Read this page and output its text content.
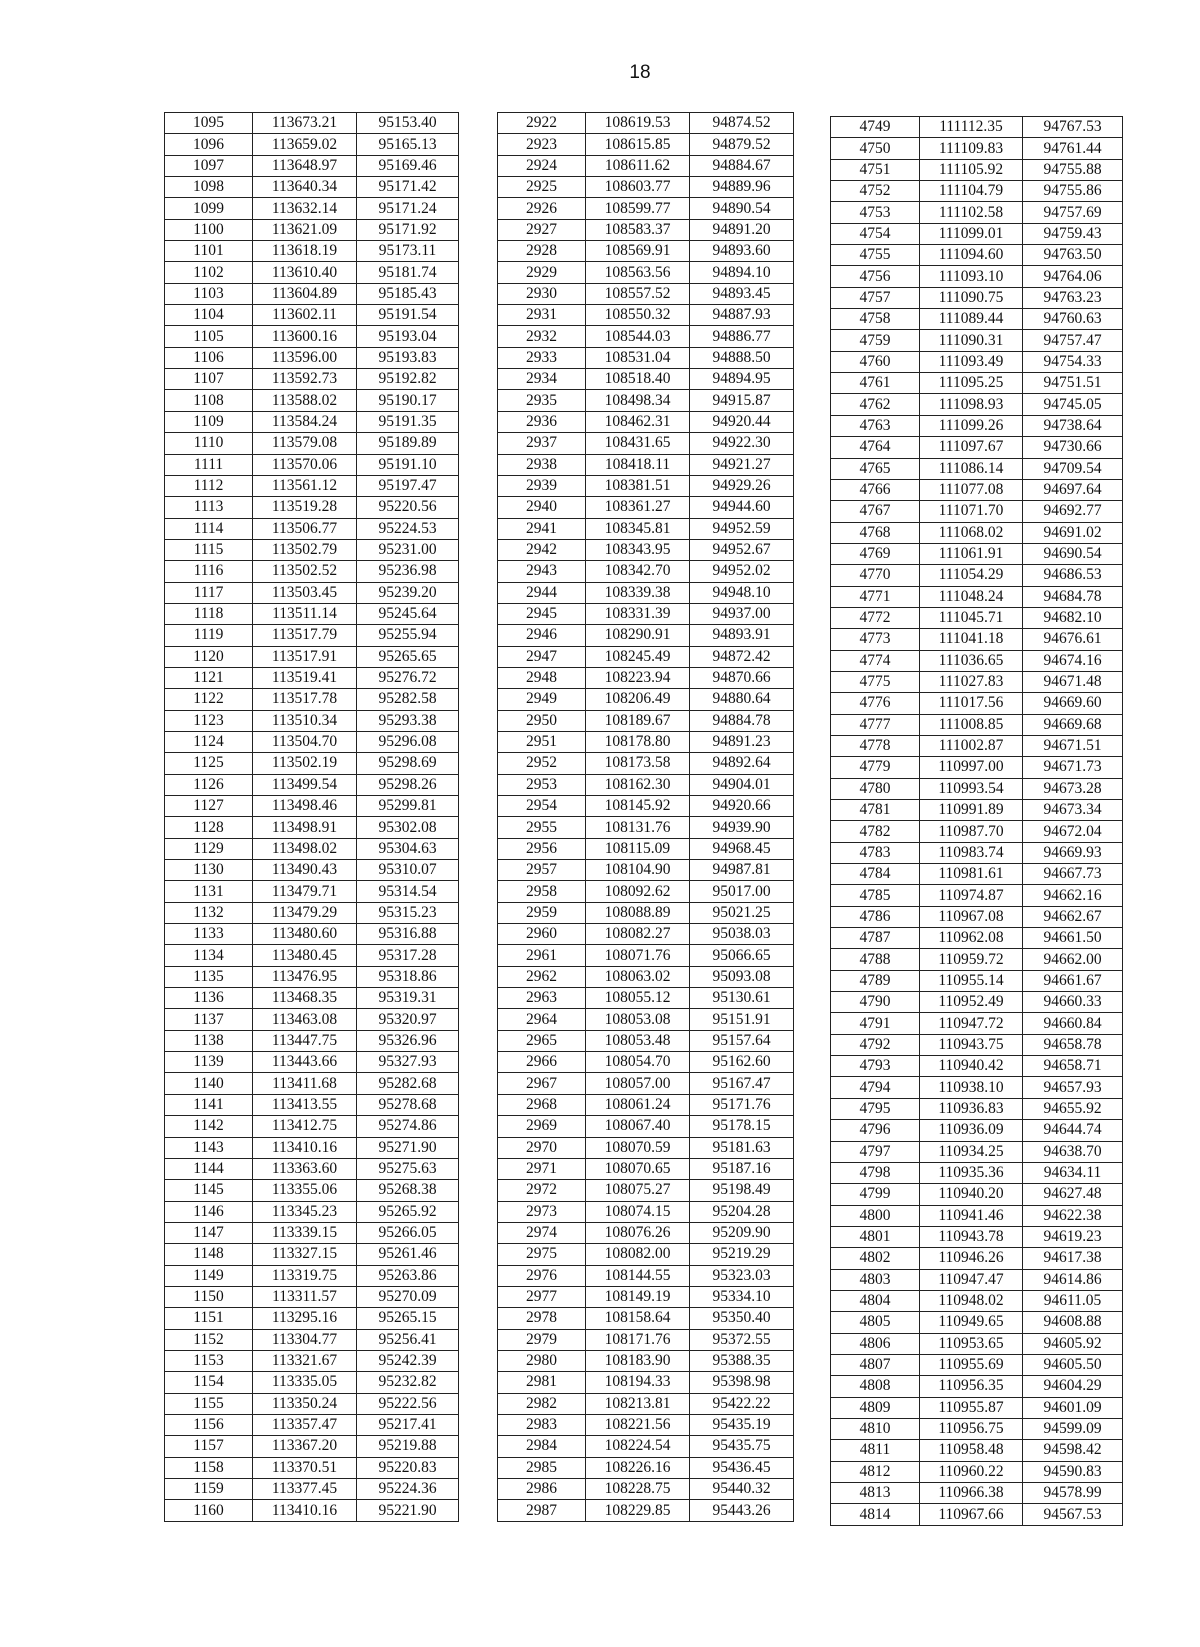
18
1095	113673.21	95153.40
1096	113659.02	95165.13
1097	113648.97	95169.46
1098	113640.34	95171.42
1099	113632.14	95171.24
1100	113621.09	95171.92
1101	113618.19	95173.11
1102	113610.40	95181.74
1103	113604.89	95185.43
1104	113602.11	95191.54
1105	113600.16	95193.04
1106	113596.00	95193.83
1107	113592.73	95192.82
1108	113588.02	95190.17
1109	113584.24	95191.35
1110	113579.08	95189.89
1111	113570.06	95191.10
1112	113561.12	95197.47
1113	113519.28	95220.56
1114	113506.77	95224.53
1115	113502.79	95231.00
1116	113502.52	95236.98
1117	113503.45	95239.20
1118	113511.14	95245.64
1119	113517.79	95255.94
1120	113517.91	95265.65
1121	113519.41	95276.72
1122	113517.78	95282.58
1123	113510.34	95293.38
1124	113504.70	95296.08
1125	113502.19	95298.69
1126	113499.54	95298.26
1127	113498.46	95299.81
1128	113498.91	95302.08
1129	113498.02	95304.63
1130	113490.43	95310.07
1131	113479.71	95314.54
1132	113479.29	95315.23
1133	113480.60	95316.88
1134	113480.45	95317.28
1135	113476.95	95318.86
1136	113468.35	95319.31
1137	113463.08	95320.97
1138	113447.75	95326.96
1139	113443.66	95327.93
1140	113411.68	95282.68
1141	113413.55	95278.68
1142	113412.75	95274.86
1143	113410.16	95271.90
1144	113363.60	95275.63
1145	113355.06	95268.38
1146	113345.23	95265.92
1147	113339.15	95266.05
1148	113327.15	95261.46
1149	113319.75	95263.86
1150	113311.57	95270.09
1151	113295.16	95265.15
1152	113304.77	95256.41
1153	113321.67	95242.39
1154	113335.05	95232.82
1155	113350.24	95222.56
1156	113357.47	95217.41
1157	113367.20	95219.88
1158	113370.51	95220.83
1159	113377.45	95224.36
1160	113410.16	95221.90
2922	108619.53	94874.52
2923	108615.85	94879.52
2924	108611.62	94884.67
2925	108603.77	94889.96
2926	108599.77	94890.54
2927	108583.37	94891.20
2928	108569.91	94893.60
2929	108563.56	94894.10
2930	108557.52	94893.45
2931	108550.32	94887.93
2932	108544.03	94886.77
2933	108531.04	94888.50
2934	108518.40	94894.95
2935	108498.34	94915.87
2936	108462.31	94920.44
2937	108431.65	94922.30
2938	108418.11	94921.27
2939	108381.51	94929.26
2940	108361.27	94944.60
2941	108345.81	94952.59
2942	108343.95	94952.67
2943	108342.70	94952.02
2944	108339.38	94948.10
2945	108331.39	94937.00
2946	108290.91	94893.91
2947	108245.49	94872.42
2948	108223.94	94870.66
2949	108206.49	94880.64
2950	108189.67	94884.78
2951	108178.80	94891.23
2952	108173.58	94892.64
2953	108162.30	94904.01
2954	108145.92	94920.66
2955	108131.76	94939.90
2956	108115.09	94968.45
2957	108104.90	94987.81
2958	108092.62	95017.00
2959	108088.89	95021.25
2960	108082.27	95038.03
2961	108071.76	95066.65
2962	108063.02	95093.08
2963	108055.12	95130.61
2964	108053.08	95151.91
2965	108053.48	95157.64
2966	108054.70	95162.60
2967	108057.00	95167.47
2968	108061.24	95171.76
2969	108067.40	95178.15
2970	108070.59	95181.63
2971	108070.65	95187.16
2972	108075.27	95198.49
2973	108074.15	95204.28
2974	108076.26	95209.90
2975	108082.00	95219.29
2976	108144.55	95323.03
2977	108149.19	95334.10
2978	108158.64	95350.40
2979	108171.76	95372.55
2980	108183.90	95388.35
2981	108194.33	95398.98
2982	108213.81	95422.22
2983	108221.56	95435.19
2984	108224.54	95435.75
2985	108226.16	95436.45
2986	108228.75	95440.32
2987	108229.85	95443.26
4749	111112.35	94767.53
4750	111109.83	94761.44
4751	111105.92	94755.88
4752	111104.79	94755.86
4753	111102.58	94757.69
4754	111099.01	94759.43
4755	111094.60	94763.50
4756	111093.10	94764.06
4757	111090.75	94763.23
4758	111089.44	94760.63
4759	111090.31	94757.47
4760	111093.49	94754.33
4761	111095.25	94751.51
4762	111098.93	94745.05
4763	111099.26	94738.64
4764	111097.67	94730.66
4765	111086.14	94709.54
4766	111077.08	94697.64
4767	111071.70	94692.77
4768	111068.02	94691.02
4769	111061.91	94690.54
4770	111054.29	94686.53
4771	111048.24	94684.78
4772	111045.71	94682.10
4773	111041.18	94676.61
4774	111036.65	94674.16
4775	111027.83	94671.48
4776	111017.56	94669.60
4777	111008.85	94669.68
4778	111002.87	94671.51
4779	110997.00	94671.73
4780	110993.54	94673.28
4781	110991.89	94673.34
4782	110987.70	94672.04
4783	110983.74	94669.93
4784	110981.61	94667.73
4785	110974.87	94662.16
4786	110967.08	94662.67
4787	110962.08	94661.50
4788	110959.72	94662.00
4789	110955.14	94661.67
4790	110952.49	94660.33
4791	110947.72	94660.84
4792	110943.75	94658.78
4793	110940.42	94658.71
4794	110938.10	94657.93
4795	110936.83	94655.92
4796	110936.09	94644.74
4797	110934.25	94638.70
4798	110935.36	94634.11
4799	110940.20	94627.48
4800	110941.46	94622.38
4801	110943.78	94619.23
4802	110946.26	94617.38
4803	110947.47	94614.86
4804	110948.02	94611.05
4805	110949.65	94608.88
4806	110953.65	94605.92
4807	110955.69	94605.50
4808	110956.35	94604.29
4809	110955.87	94601.09
4810	110956.75	94599.09
4811	110958.48	94598.42
4812	110960.22	94590.83
4813	110966.38	94578.99
4814	110967.66	94567.53
